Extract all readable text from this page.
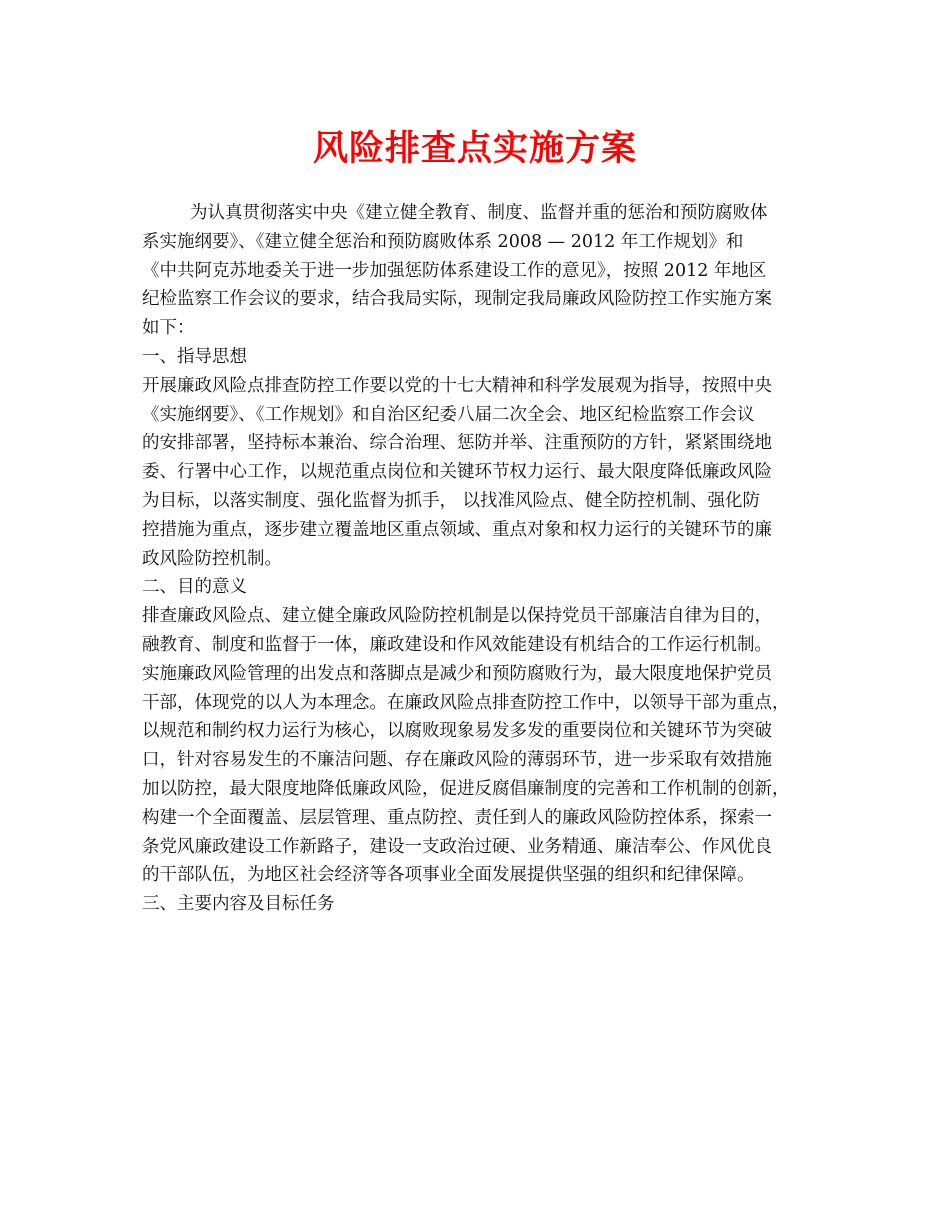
风险排查点实施方案
为认真贯彻落实中央《建立健全教育、制度、监督并重的惩治和预防腐败体
系实施纲要》、《建立健全惩治和预防腐败体系 2008 — 2012 年工作规划》和
《中共阿克苏地委关于进一步加强惩防体系建设工作的意见》，按照 2012 年地区
纪检监察工作会议的要求，结合我局实际，现制定我局廉政风险防控工作实施方案
如下：
一、指导思想
开展廉政风险点排查防控工作要以党的十七大精神和科学发展观为指导，按照中央
《实施纲要》、《工作规划》和自治区纪委八届二次全会、地区纪检监察工作会议
的安排部署，坚持标本兼治、综合治理、惩防并举、注重预防的方针，紧紧围绕地
委、行署中心工作，以规范重点岗位和关键环节权力运行、最大限度降低廉政风险
为目标，以落实制度、强化监督为抓手， 以找准风险点、健全防控机制、强化防
控措施为重点，逐步建立覆盖地区重点领域、重点对象和权力运行的关键环节的廉
政风险防控机制。
二、目的意义
排查廉政风险点、建立健全廉政风险防控机制是以保持党员干部廉洁自律为目的，
融教育、制度和监督于一体，廉政建设和作风效能建设有机结合的工作运行机制。
实施廉政风险管理的出发点和落脚点是减少和预防腐败行为，最大限度地保护党员
干部，体现党的以人为本理念。在廉政风险点排查防控工作中，以领导干部为重点，
以规范和制约权力运行为核心，以腐败现象易发多发的重要岗位和关键环节为突破
口，针对容易发生的不廉洁问题、存在廉政风险的薄弱环节，进一步采取有效措施
加以防控，最大限度地降低廉政风险，促进反腐倡廉制度的完善和工作机制的创新，
构建一个全面覆盖、层层管理、重点防控、责任到人的廉政风险防控体系，探索一
条党风廉政建设工作新路子，建设一支政治过硬、业务精通、廉洁奉公、作风优良
的干部队伍，为地区社会经济等各项事业全面发展提供坚强的组织和纪律保障。
三、主要内容及目标任务
